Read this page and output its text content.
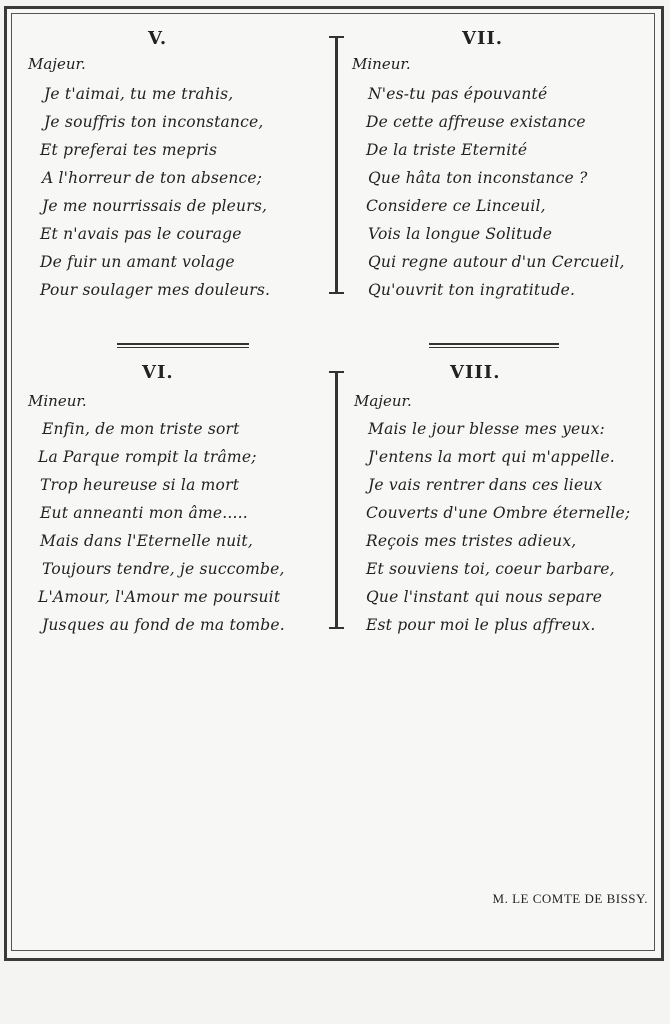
V.
Majeur.
Je t'aimai, tu me trahis,
Je souffris ton inconstance,
Et preferai tes mepris
A l'horreur de ton absence;
Je me nourrissais de pleurs,
Et n'avais pas le courage
De fuir un amant volage
Pour soulager mes douleurs.
VII.
Mineur.
N'es-tu pas épouvanté
De cette affreuse existance
De la triste Eternité
Que hâta ton inconstance ?
Considere ce Linceuil,
Vois la longue Solitude
Qui regne autour d'un Cercueil,
Qu'ouvrit ton ingratitude.
VI.
Mineur.
Enfin, de mon triste sort
La Parque rompit la trâme;
Trop heureuse si la mort
Eut anneanti mon âme.....
Mais dans l'Eternelle nuit,
Toujours tendre, je succombe,
L'Amour, l'Amour me poursuit
Jusques au fond de ma tombe.
VIII.
Majeur.
Mais le jour blesse mes yeux:
J'entens la mort qui m'appelle.
Je vais rentrer dans ces lieux
Couverts d'une Ombre éternelle;
Reçois mes tristes adieux,
Et souviens toi, coeur barbare,
Que l'instant qui nous separe
Est pour moi le plus affreux.
M. LE COMTE DE BISSY.
